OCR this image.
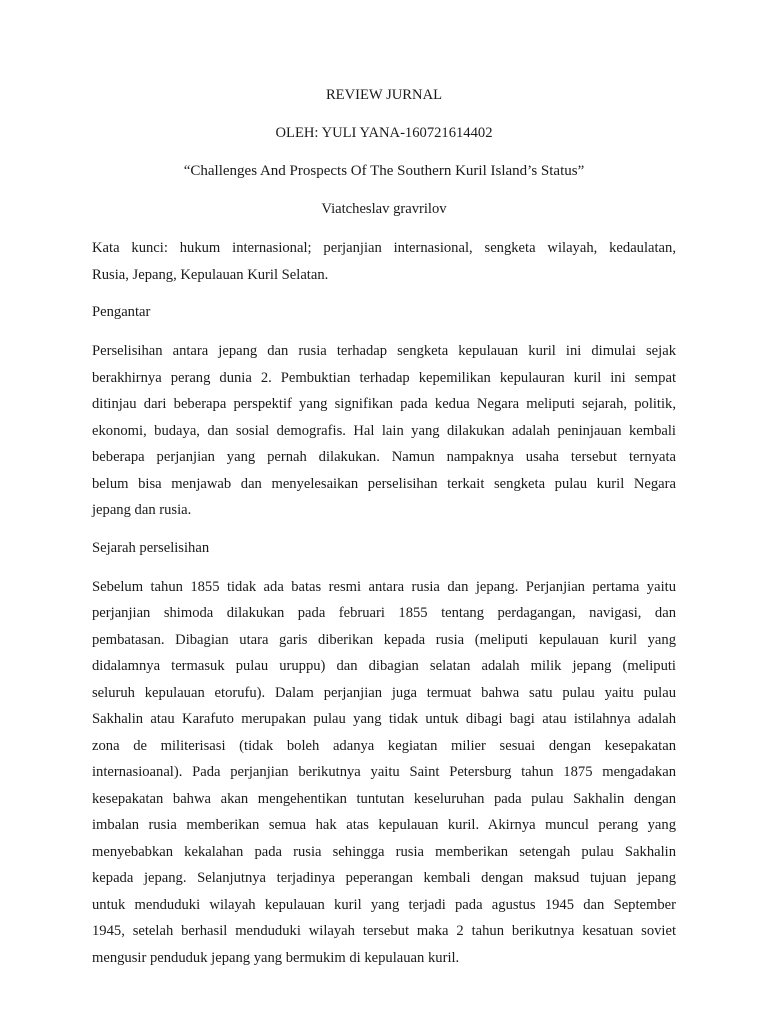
REVIEW JURNAL

OLEH: YULI YANA-160721614402

“Challenges And Prospects Of The Southern Kuril Island’s Status”

Viatcheslav gravrilov

Kata kunci: hukum internasional; perjanjian internasional, sengketa wilayah, kedaulatan,
Rusia, Jepang, Kepulauan Kuril Selatan.

Pengantar

Perselisihan antara jepang dan rusia terhadap sengketa kepulauan kuril ini dimulai sejak
berakhirnya perang dunia 2. Pembuktian terhadap kepemilikan kepulauran kuril ini sempat
ditinjau dari beberapa perspektif yang signifikan pada kedua Negara meliputi sejarah, politik,
ekonomi, budaya, dan sosial demografis. Hal lain yang dilakukan adalah peninjauan kembali
beberapa perjanjian yang pernah dilakukan. Namun nampaknya usaha tersebut ternyata
belum bisa menjawab dan menyelesaikan perselisihan terkait sengketa pulau kuril Negara
jepang dan rusia.

Sejarah perselisihan

Sebelum tahun 1855 tidak ada batas resmi antara rusia dan jepang. Perjanjian pertama yaitu
perjanjian shimoda dilakukan pada februari 1855 tentang perdagangan, navigasi, dan
pembatasan. Dibagian utara garis diberikan kepada rusia (meliputi kepulauan kuril yang
didalamnya termasuk pulau uruppu) dan dibagian selatan adalah milik jepang (meliputi
seluruh kepulauan etorufu). Dalam perjanjian juga termuat bahwa satu pulau yaitu pulau
Sakhalin atau Karafuto merupakan pulau yang tidak untuk dibagi bagi atau istilahnya adalah
zona de militerisasi (tidak boleh adanya kegiatan milier sesuai dengan kesepakatan
internasioanal). Pada perjanjian berikutnya yaitu Saint Petersburg tahun 1875 mengadakan
kesepakatan bahwa akan mengehentikan tuntutan keseluruhan pada pulau Sakhalin dengan
imbalan rusia memberikan semua hak atas kepulauan kuril. Akirnya muncul perang yang
menyebabkan kekalahan pada rusia sehingga rusia memberikan setengah pulau Sakhalin
kepada jepang. Selanjutnya terjadinya peperangan kembali dengan maksud tujuan jepang
untuk menduduki wilayah kepulauan kuril yang terjadi pada agustus 1945 dan September
1945, setelah berhasil menduduki wilayah tersebut maka 2 tahun berikutnya kesatuan soviet
mengusir penduduk jepang yang bermukim di kepulauan kuril.
